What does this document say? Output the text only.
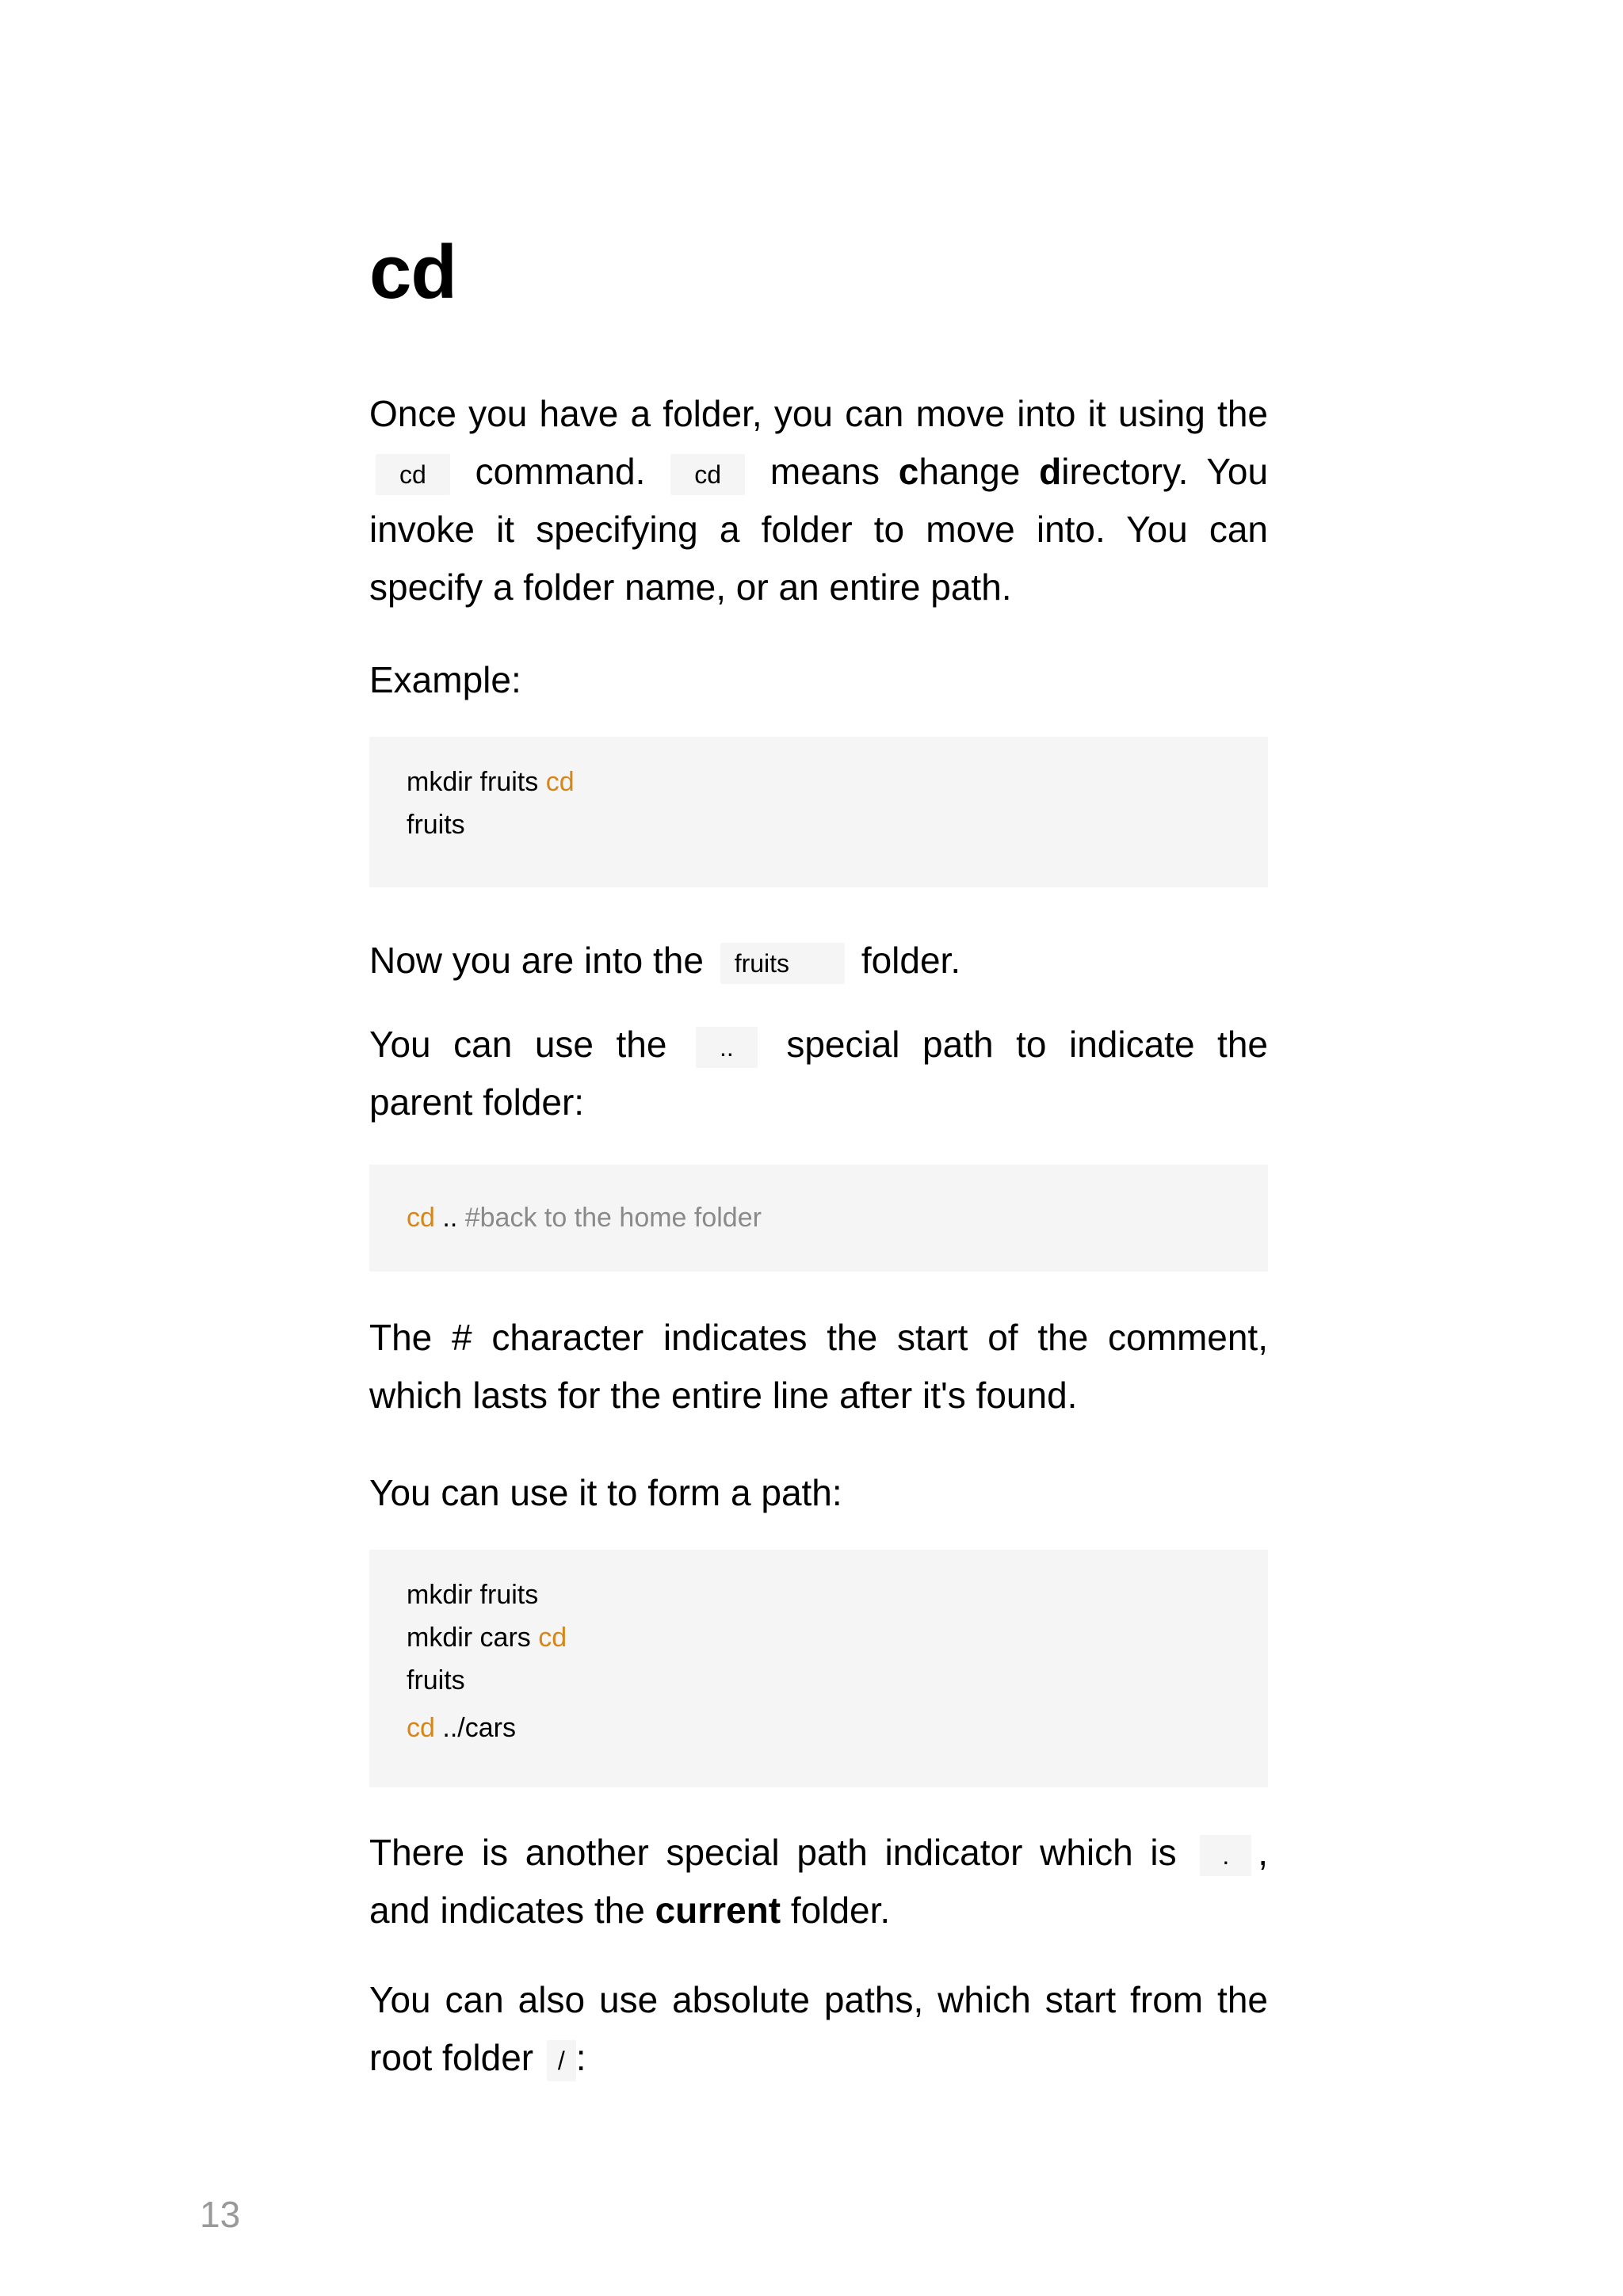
cd

Once you have a folder, you can move into it using the cd command. cd means change directory. You invoke it specifying a folder to move into. You can specify a folder name, or an entire path.

Example:

mkdir fruits cd
fruits

Now you are into the fruits folder.

You can use the .. special path to indicate the parent folder:

cd .. #back to the home folder

The # character indicates the start of the comment, which lasts for the entire line after it's found.

You can use it to form a path:

mkdir fruits
mkdir cars cd
fruits
cd ../cars

There is another special path indicator which is . , and indicates the current folder.

You can also use absolute paths, which start from the root folder / :

13
